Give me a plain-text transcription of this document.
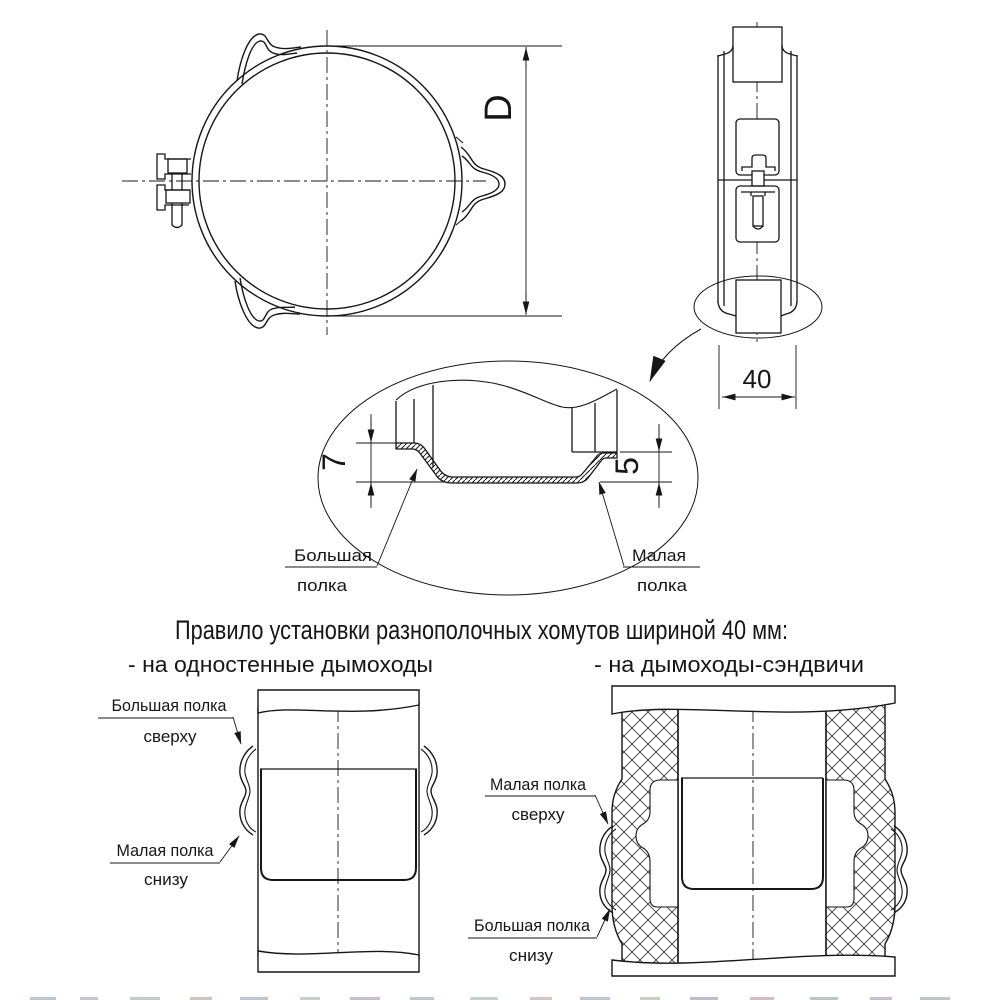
D
40
7	5
Большая
полка
Малая
полка
Правило установки разнополочных хомутов шириной 40 мм:
- на одностенные дымоходы	- на дымоходы-сэндвичи
Большая полка
сверху
Малая полка
снизу
Малая полка
сверху
Большая полка
снизу
